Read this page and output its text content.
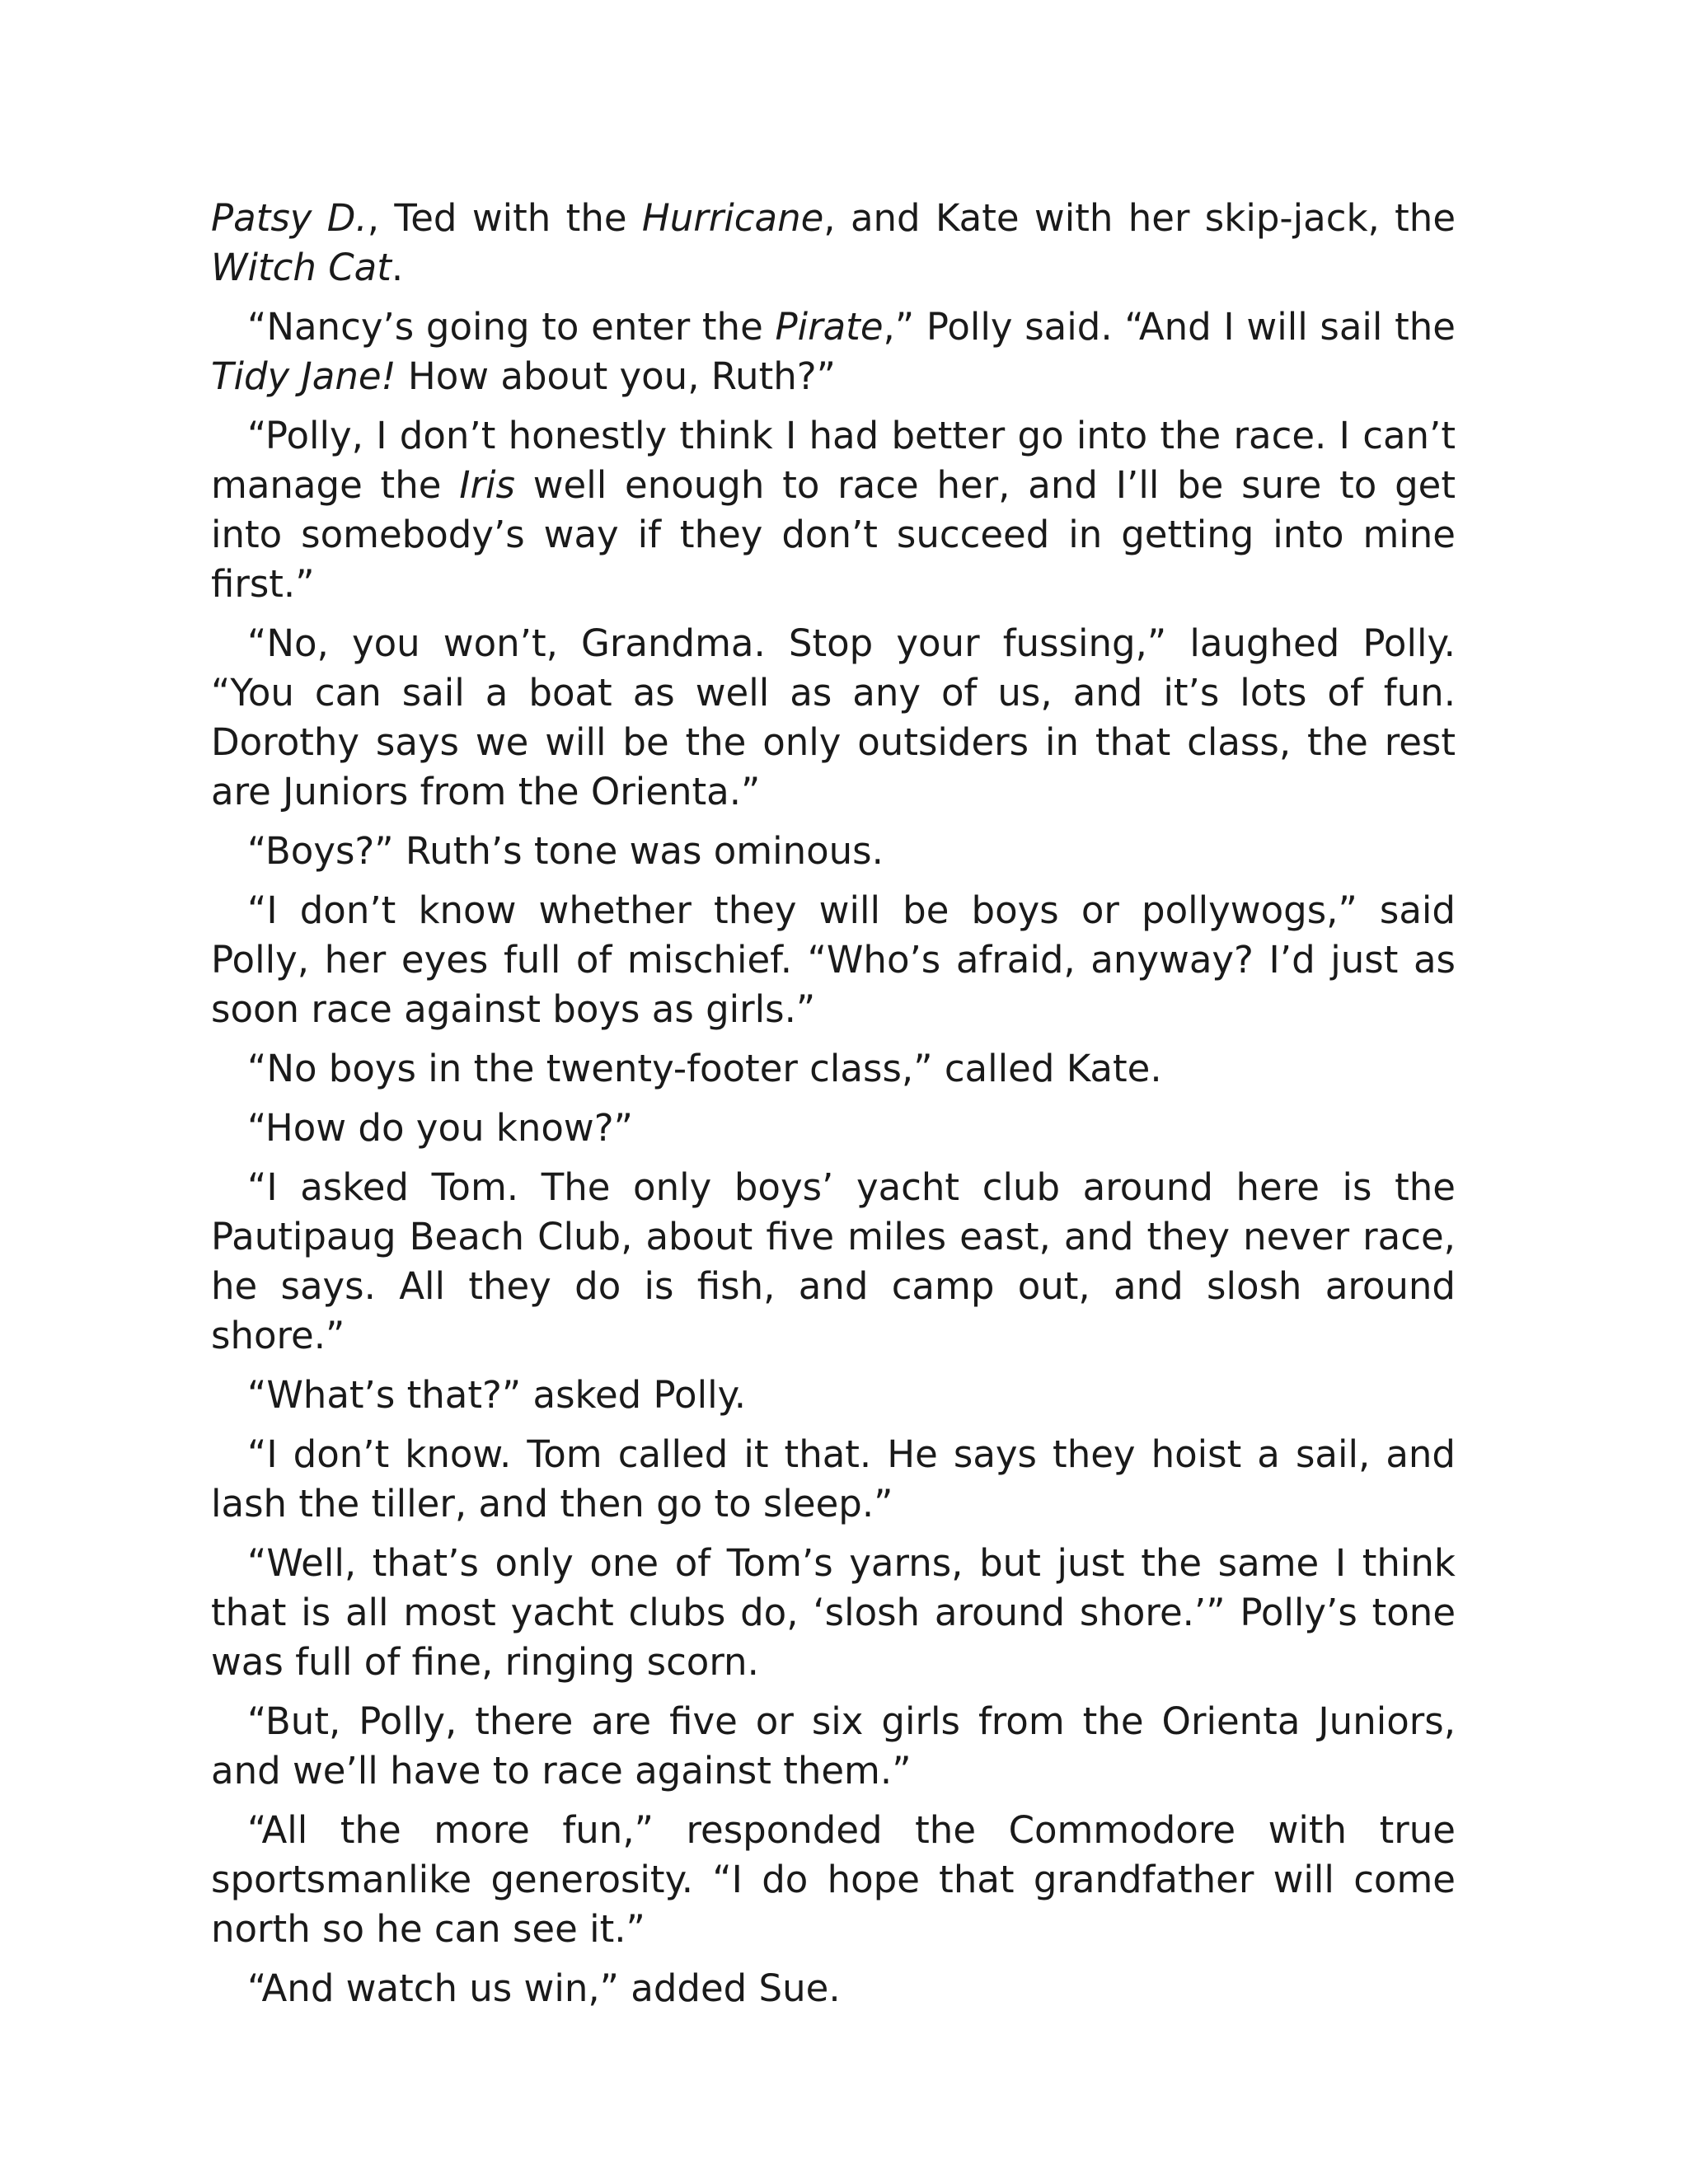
Patsy D., Ted with the Hurricane, and Kate with her skip-jack, the Witch Cat.

“Nancy’s going to enter the Pirate,” Polly said. “And I will sail the Tidy Jane! How about you, Ruth?”

“Polly, I don’t honestly think I had better go into the race. I can’t manage the Iris well enough to race her, and I’ll be sure to get into somebody’s way if they don’t succeed in getting into mine first.”

“No, you won’t, Grandma. Stop your fussing,” laughed Polly. “You can sail a boat as well as any of us, and it’s lots of fun. Dorothy says we will be the only outsiders in that class, the rest are Juniors from the Orienta.”

“Boys?” Ruth’s tone was ominous.

“I don’t know whether they will be boys or pollywogs,” said Polly, her eyes full of mischief. “Who’s afraid, anyway? I’d just as soon race against boys as girls.”

“No boys in the twenty-footer class,” called Kate.

“How do you know?”

“I asked Tom. The only boys’ yacht club around here is the Pautipaug Beach Club, about five miles east, and they never race, he says. All they do is fish, and camp out, and slosh around shore.”

“What’s that?” asked Polly.

“I don’t know. Tom called it that. He says they hoist a sail, and lash the tiller, and then go to sleep.”

“Well, that’s only one of Tom’s yarns, but just the same I think that is all most yacht clubs do, ‘slosh around shore.’” Polly’s tone was full of fine, ringing scorn.

“But, Polly, there are five or six girls from the Orienta Juniors, and we’ll have to race against them.”

“All the more fun,” responded the Commodore with true sportsmanlike generosity. “I do hope that grandfather will come north so he can see it.”

“And watch us win,” added Sue.
